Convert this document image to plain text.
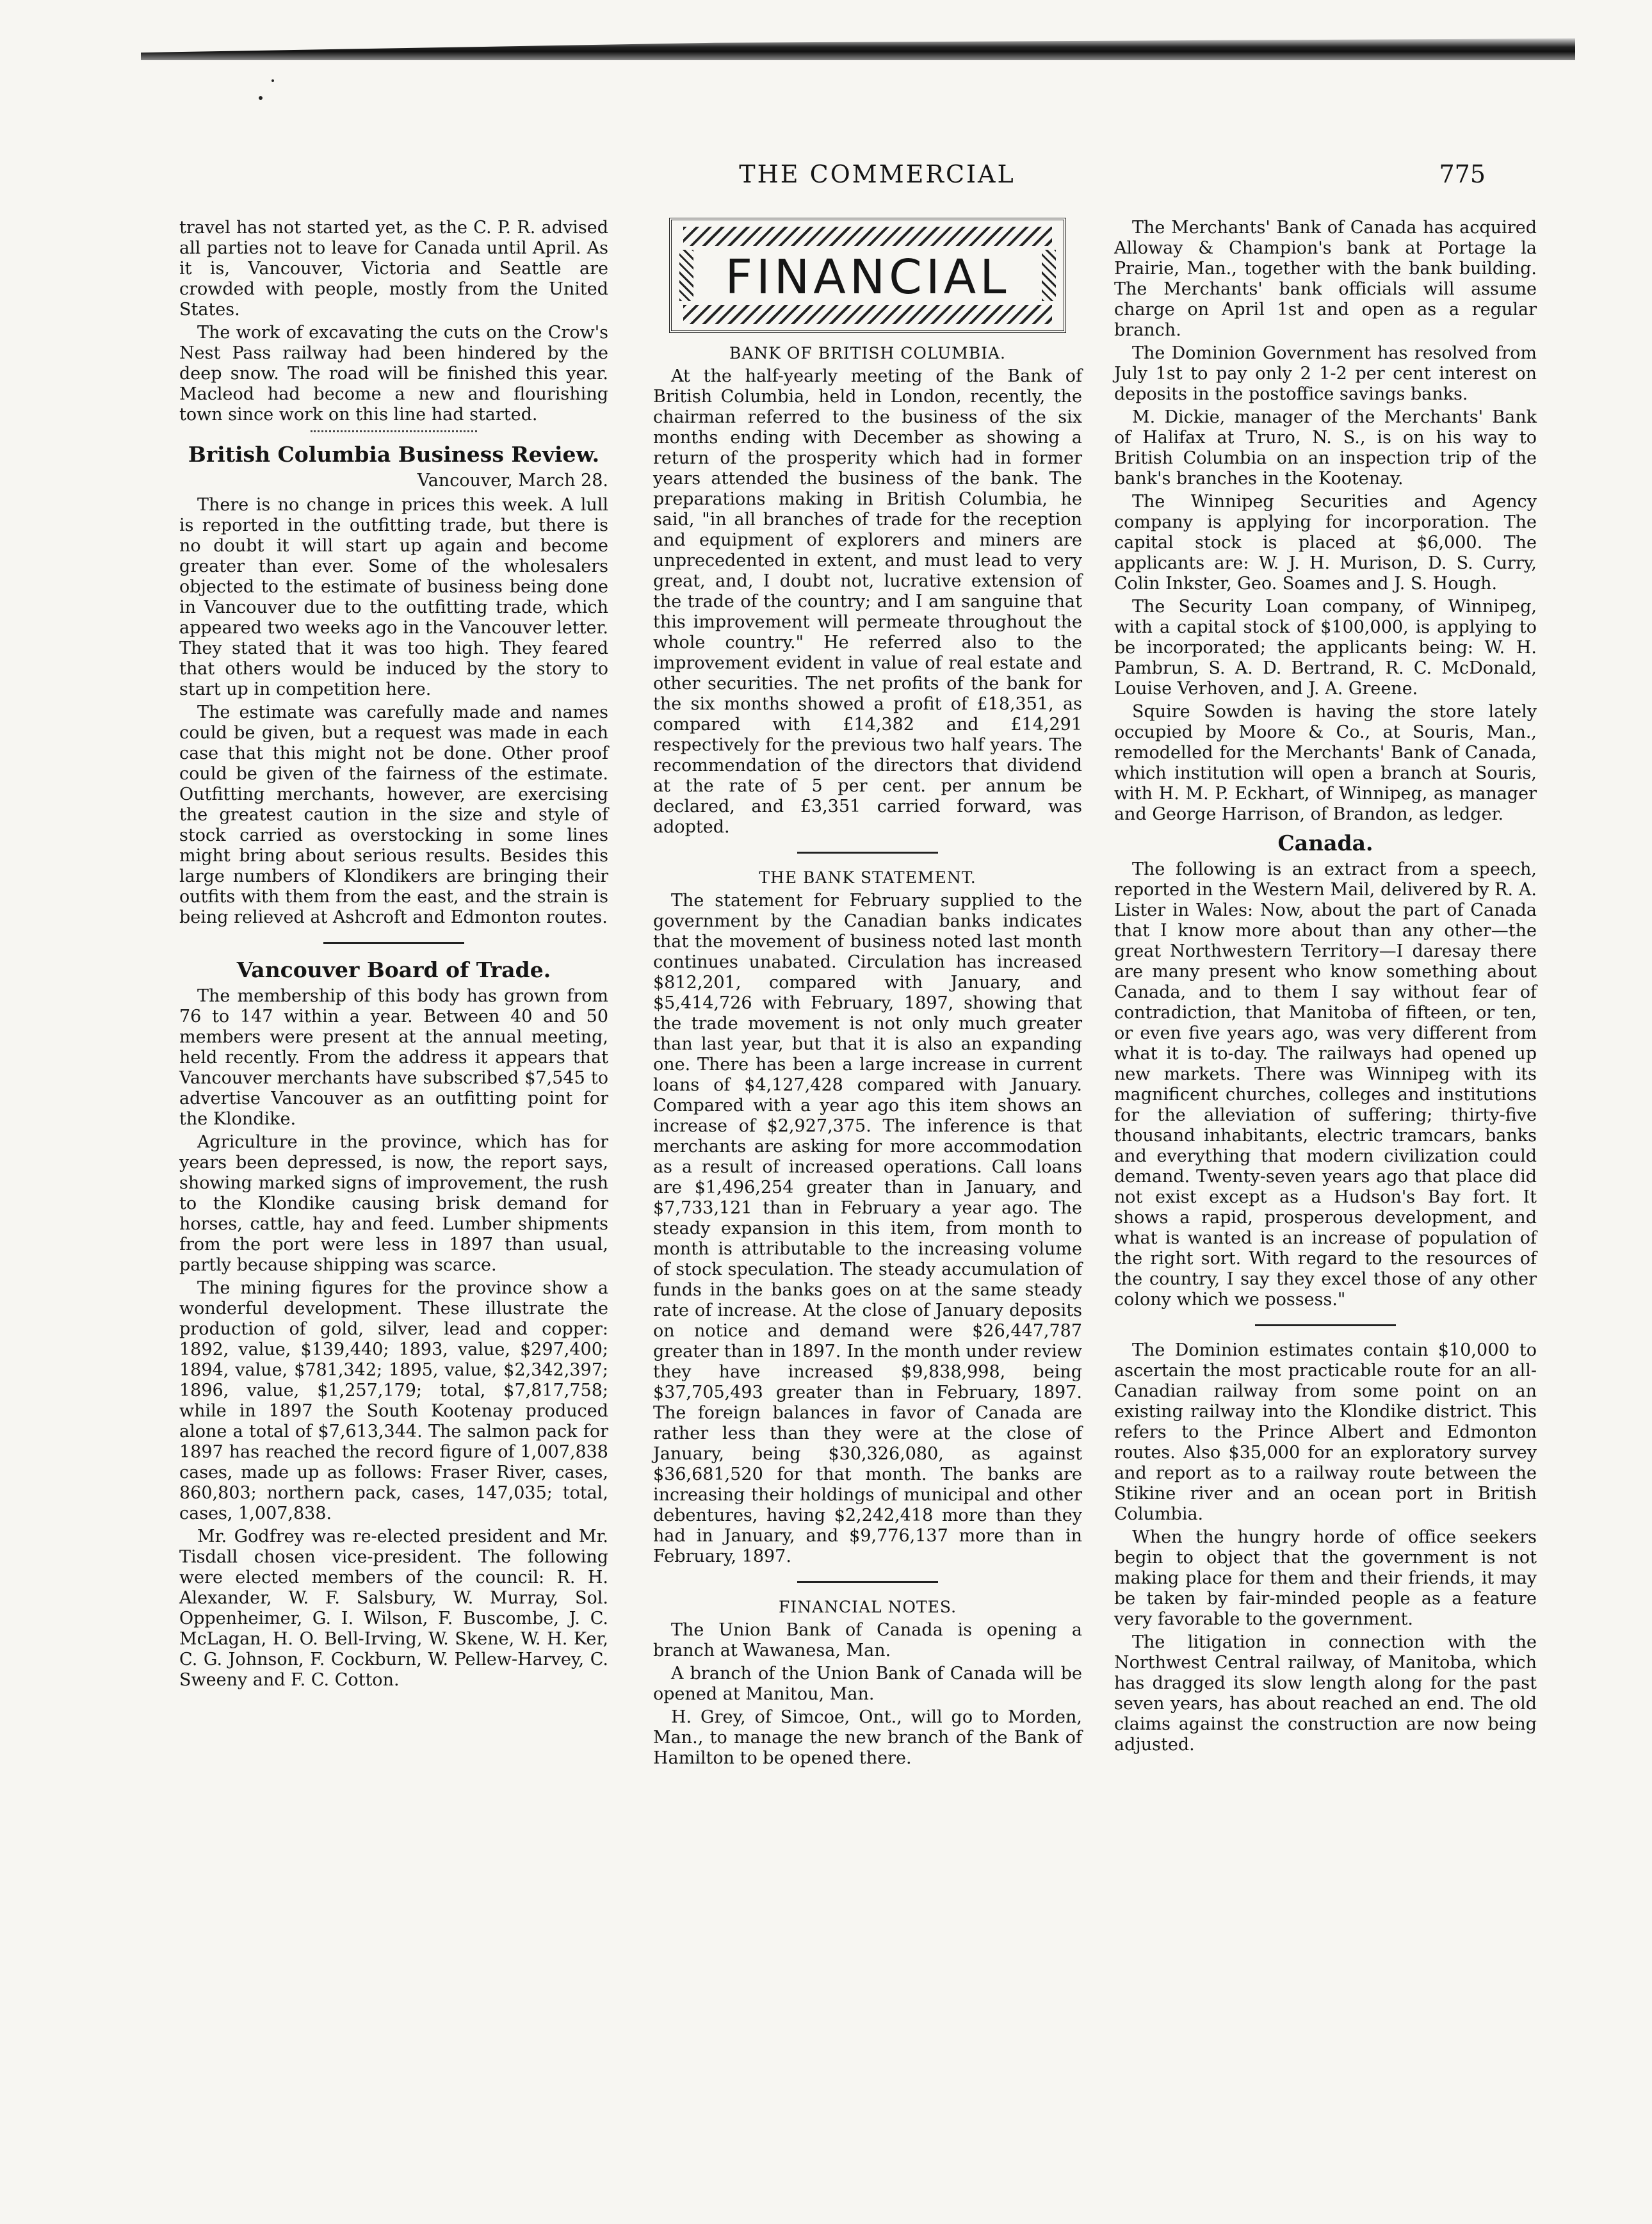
THE COMMERCIAL	775

travel has not started yet, as the C. P. R. advised all parties not to leave for Canada until April. As it is, Vancouver, Victoria and Seattle are crowded with people, mostly from the United States.

The work of excavating the cuts on the Crow's Nest Pass railway had been hindered by the deep snow. The road will be finished this year. Macleod had become a new and flourishing town since work on this line had started.

British Columbia Business Review.
Vancouver, March 28.

There is no change in prices this week. A lull is reported in the outfitting trade, but there is no doubt it will start up again and become greater than ever. Some of the wholesalers objected to the estimate of business being done in Vancouver due to the outfitting trade, which appeared two weeks ago in the Vancouver letter. They stated that it was too high. They feared that others would be induced by the story to start up in competition here.

The estimate was carefully made and names could be given, but a request was made in each case that this might not be done. Other proof could be given of the fairness of the estimate. Outfitting merchants, however, are exercising the greatest caution in the size and style of stock carried as overstocking in some lines might bring about serious results. Besides this large numbers of Klondikers are bringing their outfits with them from the east, and the strain is being relieved at Ashcroft and Edmonton routes.

Vancouver Board of Trade.

The membership of this body has grown from 76 to 147 within a year. Between 40 and 50 members were present at the annual meeting, held recently. From the address it appears that Vancouver merchants have subscribed $7,545 to advertise Vancouver as an outfitting point for the Klondike.

Agriculture in the province, which has for years been depressed, is now, the report says, showing marked signs of improvement, the rush to the Klondike causing brisk demand for horses, cattle, hay and feed. Lumber shipments from the port were less in 1897 than usual, partly because shipping was scarce.

The mining figures for the province show a wonderful development. These illustrate the production of gold, silver, lead and copper: 1892, value, $139,440; 1893, value, $297,400; 1894, value, $781,342; 1895, value, $2,342,397; 1896, value, $1,257,179; total, $7,817,758; while in 1897 the South Kootenay produced alone a total of $7,613,344. The salmon pack for 1897 has reached the record figure of 1,007,838 cases, made up as follows: Fraser River, cases, 860,803; northern pack, cases, 147,035; total, cases, 1,007,838.

Mr. Godfrey was re-elected president and Mr. Tisdall chosen vice-president. The following were elected members of the council: R. H. Alexander, W. F. Salsbury, W. Murray, Sol. Oppenheimer, G. I. Wilson, F. Buscombe, J. C. McLagan, H. O. Bell-Irving, W. Skene, W. H. Ker, C. G. Johnson, F. Cockburn, W. Pellew-Harvey, C. Sweeny and F. C. Cotton.

FINANCIAL
BANK OF BRITISH COLUMBIA.

At the half-yearly meeting of the Bank of British Columbia, held in London, recently, the chairman referred to the business of the six months ending with December as showing a return of the prosperity which had in former years attended the business of the bank. The preparations making in British Columbia, he said, "in all branches of trade for the reception and equipment of explorers and miners are unprecedented in extent, and must lead to very great, and, I doubt not, lucrative extension of the trade of the country; and I am sanguine that this improvement will permeate throughout the whole country." He referred also to the improvement evident in value of real estate and other securities. The net profits of the bank for the six months showed a profit of £18,351, as compared with £14,382 and £14,291 respectively for the previous two half years. The recommendation of the directors that dividend at the rate of 5 per cent. per annum be declared, and £3,351 carried forward, was adopted.

THE BANK STATEMENT.

The statement for February supplied to the government by the Canadian banks indicates that the movement of business noted last month continues unabated. Circulation has increased $812,201, compared with January, and $5,414,726 with February, 1897, showing that the trade movement is not only much greater than last year, but that it is also an expanding one. There has been a large increase in current loans of $4,127,428 compared with January. Compared with a year ago this item shows an increase of $2,927,375. The inference is that merchants are asking for more accommodation as a result of increased operations. Call loans are $1,496,254 greater than in January, and $7,733,121 than in February a year ago. The steady expansion in this item, from month to month is attributable to the increasing volume of stock speculation. The steady accumulation of funds in the banks goes on at the same steady rate of increase. At the close of January deposits on notice and demand were $26,447,787 greater than in 1897. In the month under review they have increased $9,838,998, being $37,705,493 greater than in February, 1897. The foreign balances in favor of Canada are rather less than they were at the close of January, being $30,326,080, as against $36,681,520 for that month. The banks are increasing their holdings of municipal and other debentures, having $2,242,418 more than they had in January, and $9,776,137 more than in February, 1897.

FINANCIAL NOTES.

The Union Bank of Canada is opening a branch at Wawanesa, Man.

A branch of the Union Bank of Canada will be opened at Manitou, Man.

H. Grey, of Simcoe, Ont., will go to Morden, Man., to manage the new branch of the Bank of Hamilton to be opened there.

The Merchants' Bank of Canada has acquired Alloway & Champion's bank at Portage la Prairie, Man., together with the bank building. The Merchants' bank officials will assume charge on April 1st and open as a regular branch.

The Dominion Government has resolved from July 1st to pay only 2 1-2 per cent interest on deposits in the postoffice savings banks.

M. Dickie, manager of the Merchants' Bank of Halifax at Truro, N. S., is on his way to British Columbia on an inspection trip of the bank's branches in the Kootenay.

The Winnipeg Securities and Agency company is applying for incorporation. The capital stock is placed at $6,000. The applicants are: W. J. H. Murison, D. S. Curry, Colin Inkster, Geo. Soames and J. S. Hough.

The Security Loan company, of Winnipeg, with a capital stock of $100,000, is applying to be incorporated; the applicants being: W. H. Pambrun, S. A. D. Bertrand, R. C. McDonald, Louise Verhoven, and J. A. Greene.

Squire Sowden is having the store lately occupied by Moore & Co., at Souris, Man., remodelled for the Merchants' Bank of Canada, which institution will open a branch at Souris, with H. M. P. Eckhart, of Winnipeg, as manager and George Harrison, of Brandon, as ledger.

Canada.

The following is an extract from a speech, reported in the Western Mail, delivered by R. A. Lister in Wales: Now, about the part of Canada that I know more about than any other—the great Northwestern Territory—I daresay there are many present who know something about Canada, and to them I say without fear of contradiction, that Manitoba of fifteen, or ten, or even five years ago, was very different from what it is to-day. The railways had opened up new markets. There was Winnipeg with its magnificent churches, colleges and institutions for the alleviation of suffering; thirty-five thousand inhabitants, electric tramcars, banks and everything that modern civilization could demand. Twenty-seven years ago that place did not exist except as a Hudson's Bay fort. It shows a rapid, prosperous development, and what is wanted is an increase of population of the right sort. With regard to the resources of the country, I say they excel those of any other colony which we possess."

The Dominion estimates contain $10,000 to ascertain the most practicable route for an all-Canadian railway from some point on an existing railway into the Klondike district. This refers to the Prince Albert and Edmonton routes. Also $35,000 for an exploratory survey and report as to a railway route between the Stikine river and an ocean port in British Columbia.

When the hungry horde of office seekers begin to object that the government is not making place for them and their friends, it may be taken by fair-minded people as a feature very favorable to the government.

The litigation in connection with the Northwest Central railway, of Manitoba, which has dragged its slow length along for the past seven years, has about reached an end. The old claims against the construction are now being adjusted.
